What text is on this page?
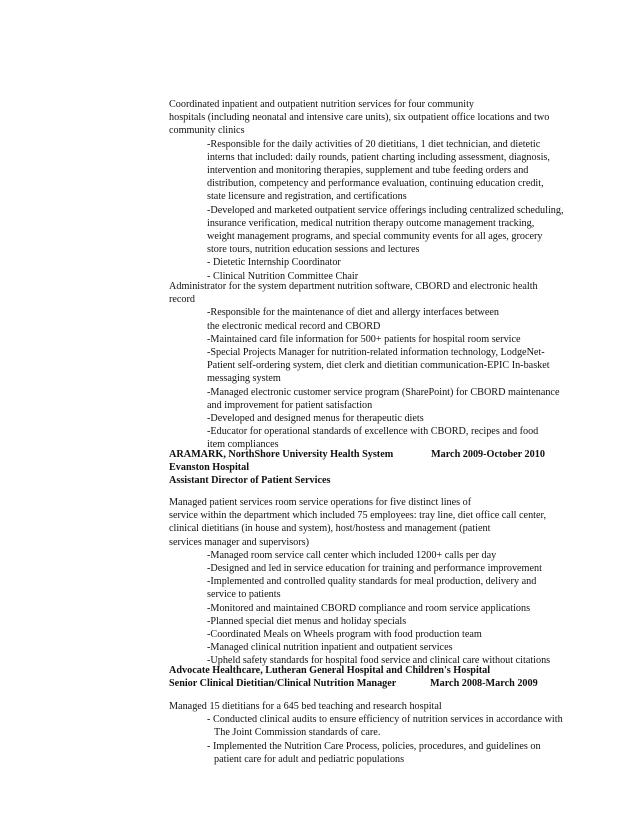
Coordinated inpatient and outpatient nutrition services for four community
hospitals (including neonatal and intensive care units), six outpatient office locations and two
community clinics
-Responsible for the daily activities of 20 dietitians, 1 diet technician, and dietetic
interns that included: daily rounds, patient charting including assessment, diagnosis,
intervention and monitoring therapies, supplement and tube feeding orders and
distribution, competency and performance evaluation, continuing education credit,
state licensure and registration, and certifications
-Developed and marketed outpatient service offerings including centralized scheduling,
insurance verification, medical nutrition therapy outcome management tracking,
weight management programs, and special community events for all ages, grocery
store tours, nutrition education sessions and lectures
- Dietetic Internship Coordinator
- Clinical Nutrition Committee Chair
Administrator for the system department nutrition software, CBORD and electronic health
record
-Responsible for the maintenance of diet and allergy interfaces between
the electronic medical record and CBORD
-Maintained card file information for 500+ patients for hospital room service
-Special Projects Manager for nutrition-related information technology, LodgeNet-
Patient self-ordering system, diet clerk and dietitian communication-EPIC In-basket
messaging system
-Managed electronic customer service program (SharePoint) for CBORD maintenance
and improvement for patient satisfaction
-Developed and designed menus for therapeutic diets
-Educator for operational standards of excellence with CBORD, recipes and food
item compliances
ARAMARK, NorthShore University Health System	March 2009-October 2010
Evanston Hospital
Assistant Director of Patient Services
Managed patient services room service operations for five distinct lines of
service within the department which included 75 employees: tray line, diet office call center,
clinical dietitians (in house and system), host/hostess and management (patient
services manager and supervisors)
-Managed room service call center which included 1200+ calls per day
-Designed and led in service education for training and performance improvement
-Implemented and controlled quality standards for meal production, delivery and
service to patients
-Monitored and maintained CBORD compliance and room service applications
-Planned special diet menus and holiday specials
-Coordinated Meals on Wheels program with food production team
-Managed clinical nutrition inpatient and outpatient services
-Upheld safety standards for hospital food service and clinical care without citations
Advocate Healthcare, Lutheran General Hospital and Children's Hospital
Senior Clinical Dietitian/Clinical Nutrition Manager	March 2008-March 2009
Managed 15 dietitians for a 645 bed teaching and research hospital
- Conducted clinical audits to ensure efficiency of nutrition services in accordance with
The Joint Commission standards of care.
- Implemented the Nutrition Care Process, policies, procedures, and guidelines on
patient care for adult and pediatric populations
